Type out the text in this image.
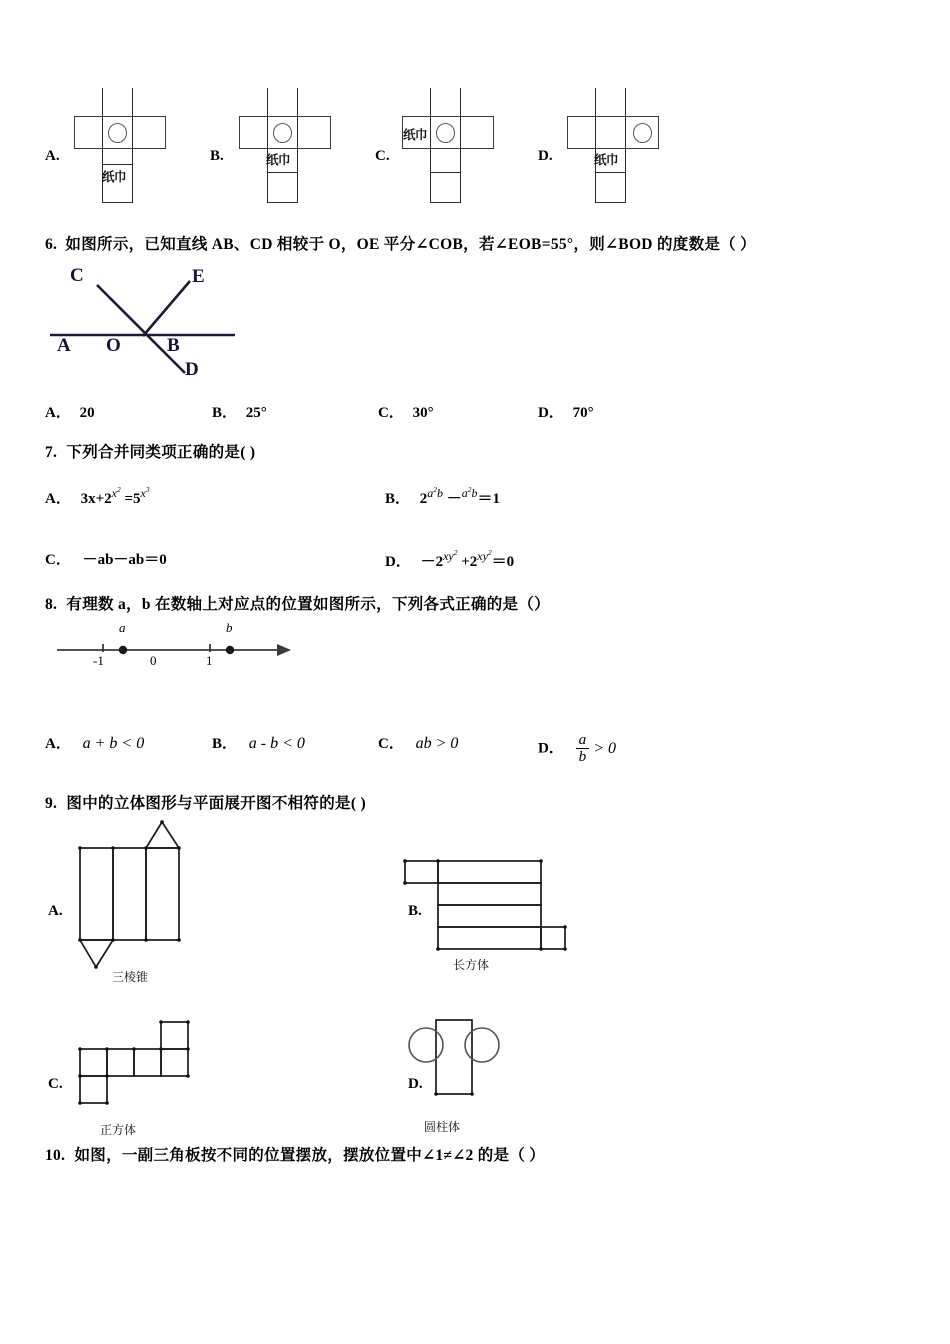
A.
纸巾
B.	纸巾	C.
纸巾
D.	纸巾
6. 如图所示，已知直线 AB、CD 相较于 O，OE 平分∠COB，若∠EOB=55°，则∠BOD 的度数是（ ）
C	E
A O B
D
A． 20	B． 25°	C． 30°	D． 70°
7. 下列合并同类项正确的是( )
A． $3x+2^{x^2} =5^{x^3}$
B． $2^{a^2b} -^{a^2b}=1$
C． －ab－ab＝0	D． $-2^{xy^2} +2^{xy^2}=0$
8. 有理数 a，b 在数轴上对应点的位置如图所示，下列各式正确的是（）
-1	0	1
a	b
A． a + b < 0	B． a - b < 0	C． ab > 0	D． $\frac{a}{b} > 0$
9. 图中的立体图形与平面展开图不相符的是( )
A.
三棱锥
B.
长方体
C.
正方体
D.
圆柱体
10. 如图，一副三角板按不同的位置摆放，摆放位置中∠1≠∠2 的是（ ）
